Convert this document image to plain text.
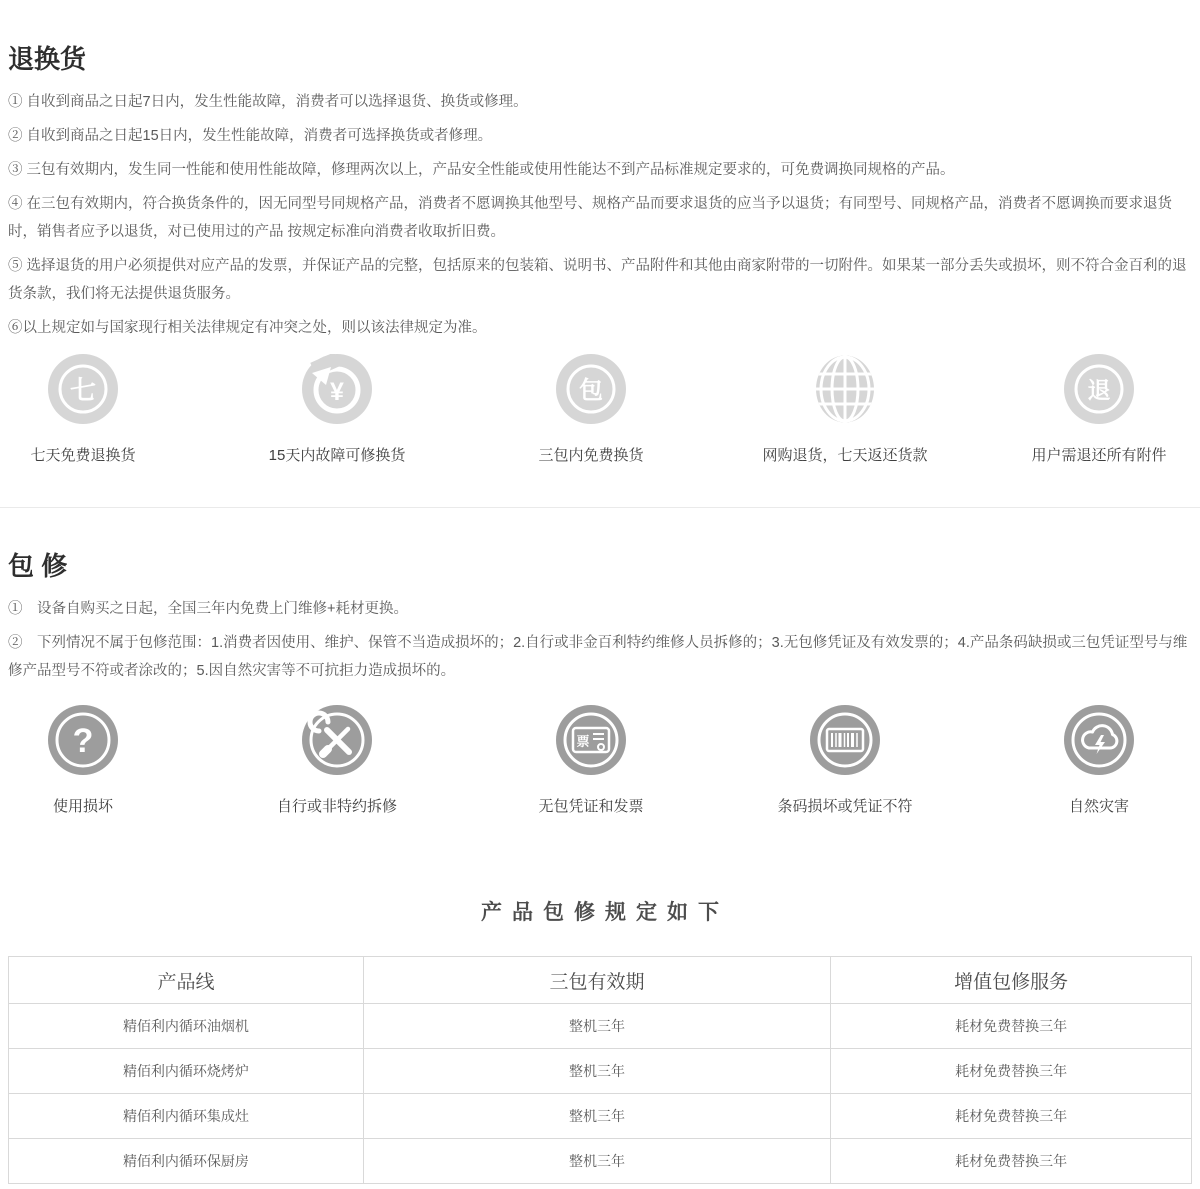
退换货

① 自收到商品之日起7日内，发生性能故障，消费者可以选择退货、换货或修理。

② 自收到商品之日起15日内，发生性能故障，消费者可选择换货或者修理。

③ 三包有效期内，发生同一性能和使用性能故障，修理两次以上，产品安全性能或使用性能达不到产品标准规定要求的，可免费调换同规格的产品。

④ 在三包有效期内，符合换货条件的，因无同型号同规格产品，消费者不愿调换其他型号、规格产品而要求退货的应当予以退货；有同型号、同规格产品，消费者不愿调换而要求退货时，销售者应予以退货，对已使用过的产品 按规定标准向消费者收取折旧费。

⑤ 选择退货的用户必须提供对应产品的发票，并保证产品的完整，包括原来的包装箱、说明书、产品附件和其他由商家附带的一切附件。如果某一部分丢失或损坏，则不符合金百利的退货条款，我们将无法提供退货服务。

⑥以上规定如与国家现行相关法律规定有冲突之处，则以该法律规定为准。

七
七天免费退换货
¥
15天内故障可修换货
包
三包内免费换货	网购退货，七天返还货款
退
用户需退还所有附件
包 修

①　设备自购买之日起，全国三年内免费上门维修+耗材更换。

②　下列情况不属于包修范围：1.消费者因使用、维护、保管不当造成损坏的；2.自行或非金百利特约维修人员拆修的；3.无包修凭证及有效发票的；4.产品条码缺损或三包凭证型号与维修产品型号不符或者涂改的；5.因自然灾害等不可抗拒力造成损坏的。

?
使用损坏	自行或非特约拆修
票
无包凭证和发票	条码损坏或凭证不符	自然灾害
产品包修规定如下
产品线	三包有效期	增值包修服务
精佰利内循环油烟机	整机三年	耗材免费替换三年
精佰利内循环烧烤炉	整机三年	耗材免费替换三年
精佰利内循环集成灶	整机三年	耗材免费替换三年
精佰利内循环保厨房	整机三年	耗材免费替换三年
